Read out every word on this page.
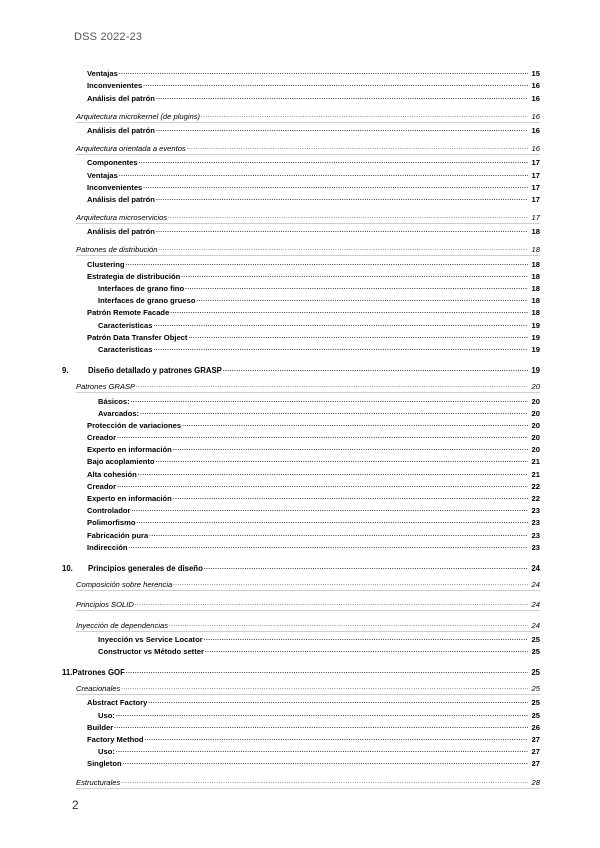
DSS 2022-23
Ventajas .....	15
Inconvenientes .....	16
Análisis del patrón .....	16
Arquitectura microkernel (de plugins) .....	16
Análisis del patrón .....	16
Arquitectura orientada a eventos .....	16
Componentes .....	17
Ventajas .....	17
Inconvenientes .....	17
Análisis del patrón .....	17
Arquitectura microservicios .....	17
Análisis del patrón .....	18
Patrones de distribución .....	18
Clustering .....	18
Estrategia de distribución .....	18
Interfaces de grano fino .....	18
Interfaces de grano grueso .....	18
Patrón Remote Facade .....	18
Características .....	19
Patrón Data Transfer Object .....	19
Características .....	19
9. Diseño detallado y patrones GRASP .....	19
Patrones GRASP .....	20
Básicos: .....	20
Avarcados: .....	20
Protección de variaciones .....	20
Creador .....	20
Experto en información .....	20
Bajo acoplamiento .....	21
Alta cohesión .....	21
Creador .....	22
Experto en información .....	22
Controlador .....	23
Polimorfismo .....	23
Fabricación pura .....	23
Indirección .....	23
10. Principios generales de diseño .....	24
Composición sobre herencia .....	24
Principios SOLID .....	24
Inyección de dependencias .....	24
Inyección vs Service Locator .....	25
Constructor vs Método setter .....	25
11.Patrones GOF .....	25
Creacionales .....	25
Abstract Factory .....	25
Uso: .....	25
Builder .....	26
Factory Method .....	27
Uso: .....	27
Singleton .....	27
Estructurales .....	28
2
